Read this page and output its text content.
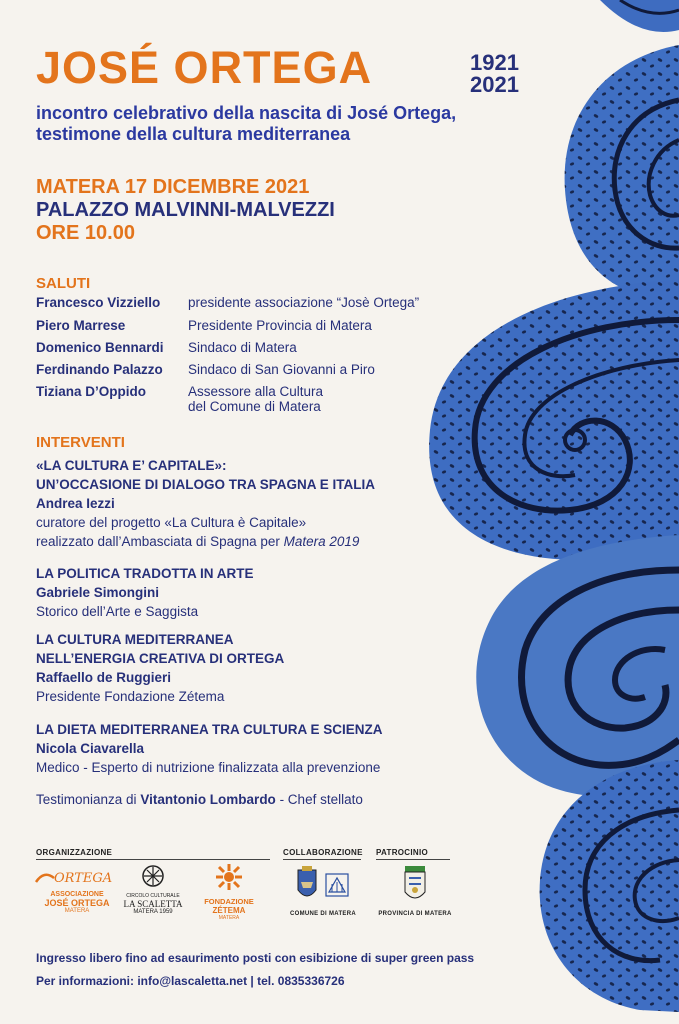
JOSÉ ORTEGA	1921
2021
incontro celebrativo della nascita di José Ortega,
testimone della cultura mediterranea
MATERA 17 DICEMBRE 2021
PALAZZO MALVINNI-MALVEZZI
ORE 10.00
SALUTI
Francesco Vizziello presidente associazione “Josè Ortega”
Piero Marrese	Presidente Provincia di Matera
Domenico Bennardi Sindaco di Matera
Ferdinando Palazzo Sindaco di San Giovanni a Piro
Tiziana D’Oppido	Assessore alla Cultura
del Comune di Matera
INTERVENTI
«LA CULTURA E’ CAPITALE»:
UN’OCCASIONE DI DIALOGO TRA SPAGNA E ITALIA
Andrea Iezzi
curatore del progetto «La Cultura è Capitale»
realizzato dall’Ambasciata di Spagna per Matera 2019
LA POLITICA TRADOTTA IN ARTE
Gabriele Simongini
Storico dell’Arte e Saggista
LA CULTURA MEDITERRANEA
NELL’ENERGIA CREATIVA DI ORTEGA
Raffaello de Ruggieri
Presidente Fondazione Zétema
LA DIETA MEDITERRANEA TRA CULTURA E SCIENZA
Nicola Ciavarella
Medico - Esperto di nutrizione finalizzata alla prevenzione
Testimonianza di Vitantonio Lombardo - Chef stellato
ORGANIZZAZIONE	COLLABORAZIONE PATROCINIO
ORTEGA
ASSOCIAZIONE
JOSÉ ORTEGA
MATERA
CIRCOLO CULTURALE
LA SCALETTA
MATERA 1959
FONDAZIONE
ZÉTEMA
MATERA
COMUNE DI MATERA	PROVINCIA DI MATERA
Ingresso libero fino ad esaurimento posti con esibizione di super green pass
Per informazioni: info@lascaletta.net | tel. 0835336726
